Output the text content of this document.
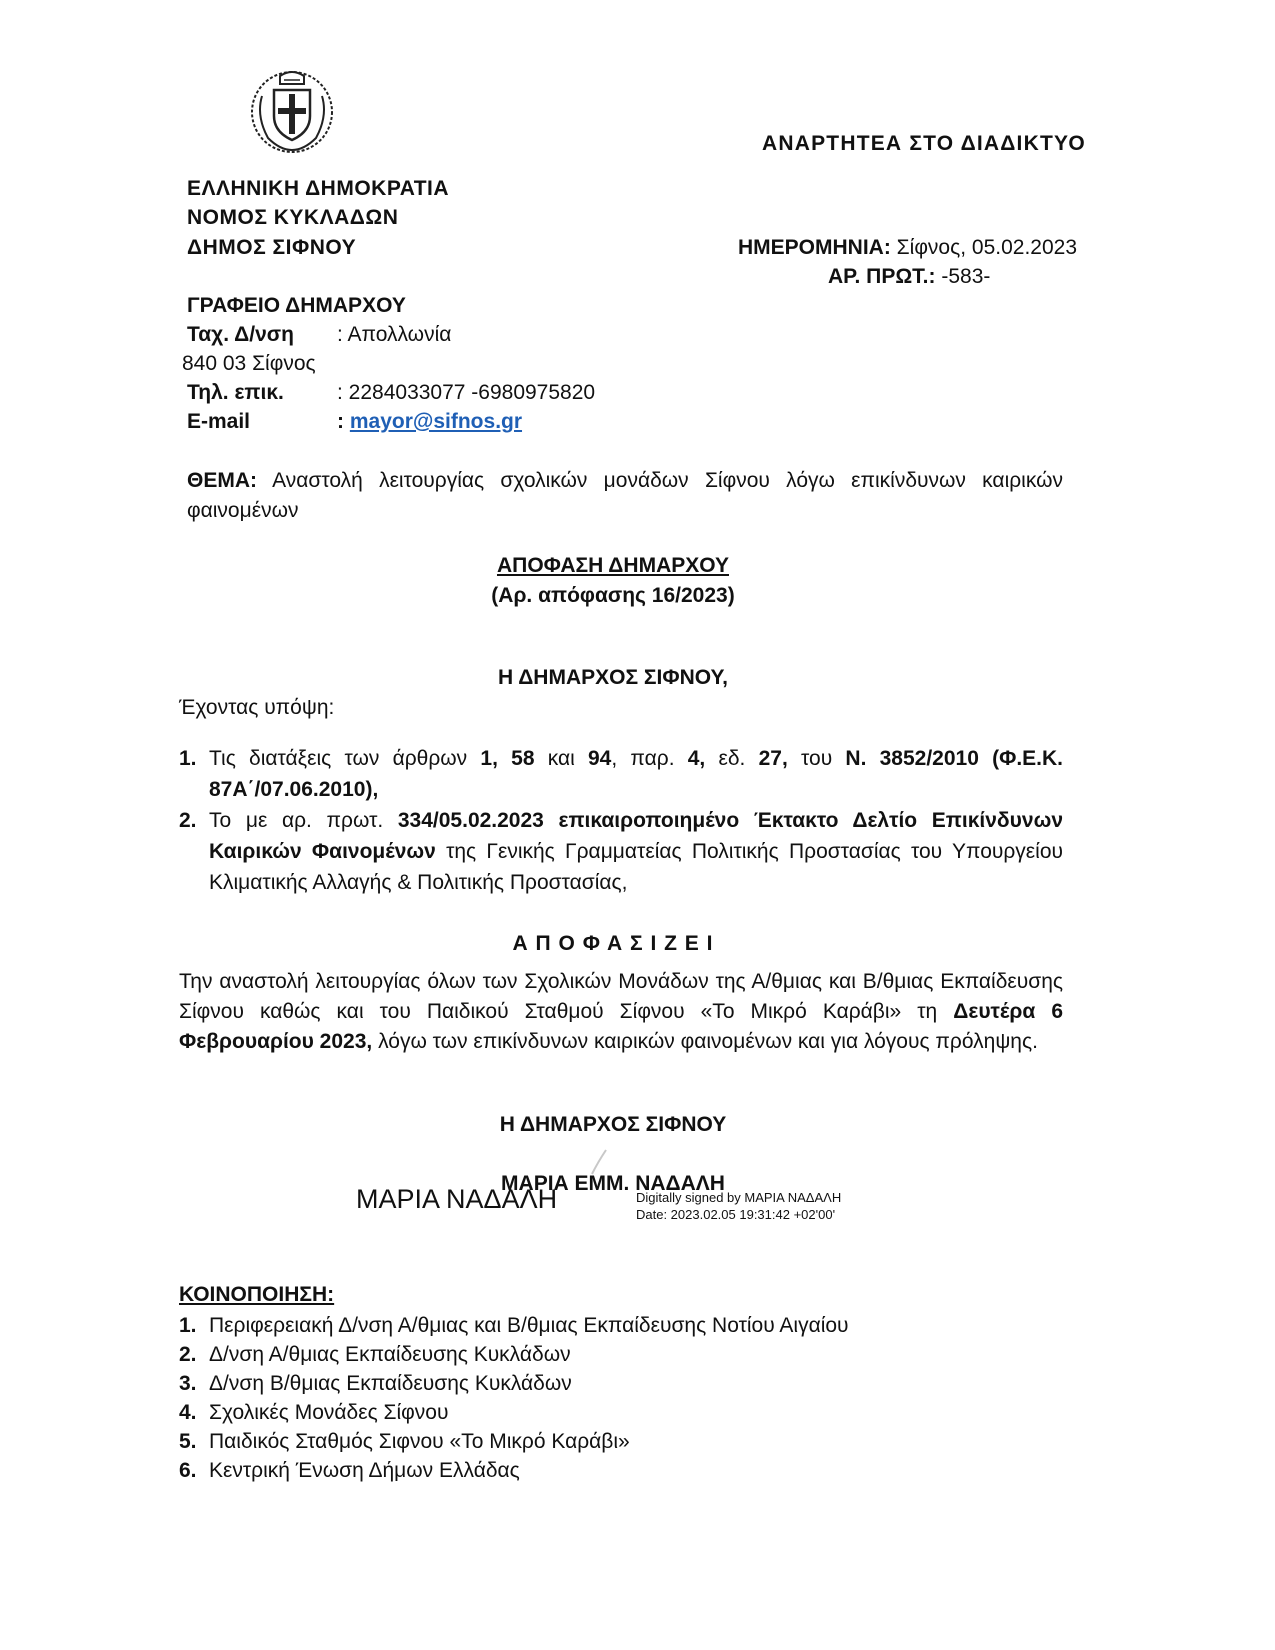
ΑΝΑΡΤΗΤΕΑ ΣΤΟ ΔΙΑΔΙΚΤΥΟ
ΕΛΛΗΝΙΚΗ ΔΗΜΟΚΡΑΤΙΑ
ΝΟΜΟΣ ΚΥΚΛΑΔΩΝ
ΔΗΜΟΣ ΣΙΦΝΟΥ	ΗΜΕΡΟΜΗΝΙΑ: Σίφνος, 05.02.2023
ΑΡ. ΠΡΩΤ.: -583-
ΓΡΑΦΕΙΟ ΔΗΜΑΡΧΟΥ
Ταχ. Δ/νση : Απολλωνία
840 03 Σίφνος
Τηλ. επικ.	: 2284033077 -6980975820
E-mail	: mayor@sifnos.gr
ΘΕΜΑ: Αναστολή λειτουργίας σχολικών μονάδων Σίφνου λόγω επικίνδυνων καιρικών φαινομένων
ΑΠΟΦΑΣΗ ΔΗΜΑΡΧΟΥ
(Αρ. απόφασης 16/2023)
Η ΔΗΜΑΡΧΟΣ ΣΙΦΝΟΥ,
Έχοντας υπόψη:
1. Τις διατάξεις των άρθρων 1, 58 και 94, παρ. 4, εδ. 27, του Ν. 3852/2010 (Φ.Ε.Κ. 87Α΄/07.06.2010),
2. Το με αρ. πρωτ. 334/05.02.2023 επικαιροποιημένο Έκτακτο Δελτίο Επικίνδυνων Καιρικών Φαινομένων της Γενικής Γραμματείας Πολιτικής Προστασίας του Υπουργείου Κλιματικής Αλλαγής & Πολιτικής Προστασίας,
Α Π Ο Φ Α Σ Ι Ζ Ε Ι
Την αναστολή λειτουργίας όλων των Σχολικών Μονάδων της Α/θμιας και Β/θμιας Εκπαίδευσης Σίφνου καθώς και του Παιδικού Σταθμού Σίφνου «Το Μικρό Καράβι» τη Δευτέρα 6 Φεβρουαρίου 2023, λόγω των επικίνδυνων καιρικών φαινομένων και για λόγους πρόληψης.
Η ΔΗΜΑΡΧΟΣ ΣΙΦΝΟΥ
ΜΑΡΙΑ ΝΑΔΑΛΗ	Digitally signed by ΜΑΡΙΑ ΝΑΔΑΛΗ
Date: 2023.02.05 19:31:42 +02'00'
ΜΑΡΙΑ ΕΜΜ. ΝΑΔΑΛΗ
ΚΟΙΝΟΠΟΙΗΣΗ:
1. Περιφερειακή Δ/νση Α/θμιας και Β/θμιας Εκπαίδευσης Νοτίου Αιγαίου
2. Δ/νση Α/θμιας Εκπαίδευσης Κυκλάδων
3. Δ/νση Β/θμιας Εκπαίδευσης Κυκλάδων
4. Σχολικές Μονάδες Σίφνου
5. Παιδικός Σταθμός Σιφνου «Το Μικρό Καράβι»
6. Κεντρική Ένωση Δήμων Ελλάδας
